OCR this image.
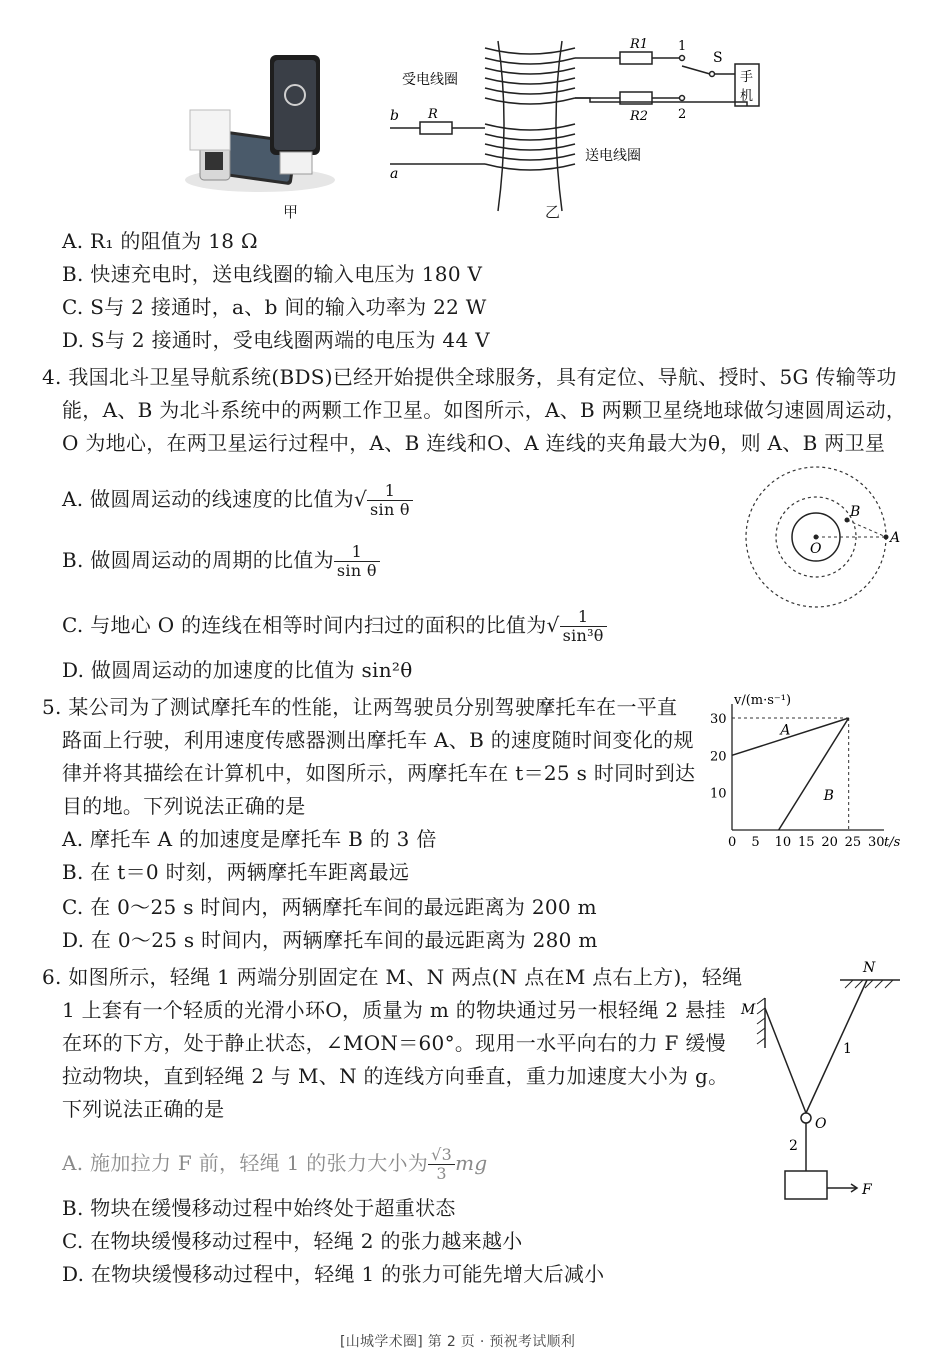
甲
受电线圈
送电线圈
R1
R2
R
S
1
2
b
a
手
机
乙
A. R₁ 的阻值为 18 Ω
B. 快速充电时，送电线圈的输入电压为 180 V
C. S与 2 接通时，a、b 间的输入功率为 22 W
D. S与 2 接通时，受电线圈两端的电压为 44 V
4. 我国北斗卫星导航系统(BDS)已经开始提供全球服务，具有定位、导航、授时、5G 传输等功
能，A、B 为北斗系统中的两颗工作卫星。如图所示，A、B 两颗卫星绕地球做匀速圆周运动，
O 为地心，在两卫星运行过程中，A、B 连线和O、A 连线的夹角最大为θ，则 A、B 两卫星
A. 做圆周运动的线速度的比值为√ $\frac{1}{\text{sin θ}}$
B. 做圆周运动的周期的比值为 $\frac{1}{\text{sin θ}}$
C. 与地心 O 的连线在相等时间内扫过的面积的比值为√ $\frac{1}{\text{sin³θ}}$
D. 做圆周运动的加速度的比值为 sin²θ
O
A
B
5. 某公司为了测试摩托车的性能，让两驾驶员分别驾驶摩托车在一平直
路面上行驶，利用速度传感器测出摩托车 A、B 的速度随时间变化的规
律并将其描绘在计算机中，如图所示，两摩托车在 t＝25 s 时同时到达
目的地。下列说法正确的是
A. 摩托车 A 的加速度是摩托车 B 的 3 倍
B. 在 t＝0 时刻，两辆摩托车距离最远
C. 在 0～25 s 时间内，两辆摩托车间的最远距离为 200 m
D. 在 0～25 s 时间内，两辆摩托车间的最远距离为 280 m
v/(m·s⁻¹)
t/s
0 5 10 15 20 25 30
10
20
30
A
B
6. 如图所示，轻绳 1 两端分别固定在 M、N 两点(N 点在M 点右上方)，轻绳
1 上套有一个轻质的光滑小环O，质量为 m 的物块通过另一根轻绳 2 悬挂
在环的下方，处于静止状态，∠MON＝60°。现用一水平向右的力 F 缓慢
拉动物块，直到轻绳 2 与 M、N 的连线方向垂直，重力加速度大小为 g。
下列说法正确的是
A. 施加拉力 F 前，轻绳 1 的张力大小为 $\frac{√3}{3}$ mg
B. 物块在缓慢移动过程中始终处于超重状态
C. 在物块缓慢移动过程中，轻绳 2 的张力越来越小
D. 在物块缓慢移动过程中，轻绳 1 的张力可能先增大后减小
N
M
O
1
2
F
[山城学术圈] 第 2 页 · 预祝考试顺利
